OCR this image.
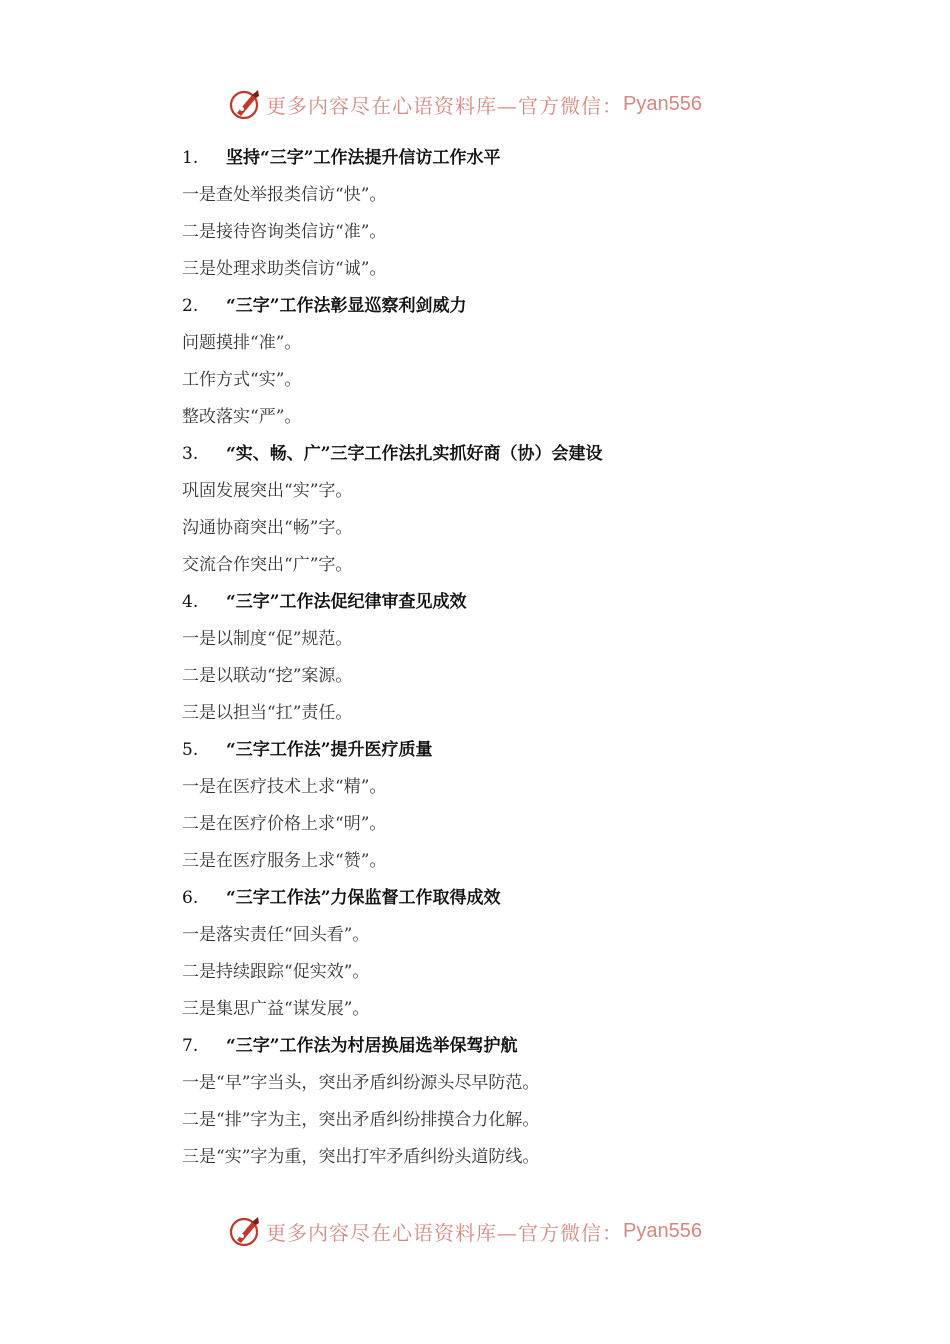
更多内容尽在心语资料库—官方微信： Pyan556
1. 坚持“三字”工作法提升信访工作水平
一是查处举报类信访“快”。
二是接待咨询类信访“准”。
三是处理求助类信访“诚”。
2. “三字”工作法彰显巡察利剑威力
问题摸排“准”。
工作方式“实”。
整改落实“严”。
3. “实、畅、广”三字工作法扎实抓好商（协）会建设
巩固发展突出“实”字。
沟通协商突出“畅”字。
交流合作突出“广”字。
4. “三字”工作法促纪律审查见成效
一是以制度“促”规范。
二是以联动“挖”案源。
三是以担当“扛”责任。
5. “三字工作法”提升医疗质量
一是在医疗技术上求“精”。
二是在医疗价格上求“明”。
三是在医疗服务上求“赞”。
6. “三字工作法”力保监督工作取得成效
一是落实责任“回头看”。
二是持续跟踪“促实效”。
三是集思广益“谋发展”。
7. “三字”工作法为村居换届选举保驾护航
一是“早”字当头，突出矛盾纠纷源头尽早防范。
二是“排”字为主，突出矛盾纠纷排摸合力化解。
三是“实”字为重，突出打牢矛盾纠纷头道防线。
更多内容尽在心语资料库—官方微信： Pyan556
